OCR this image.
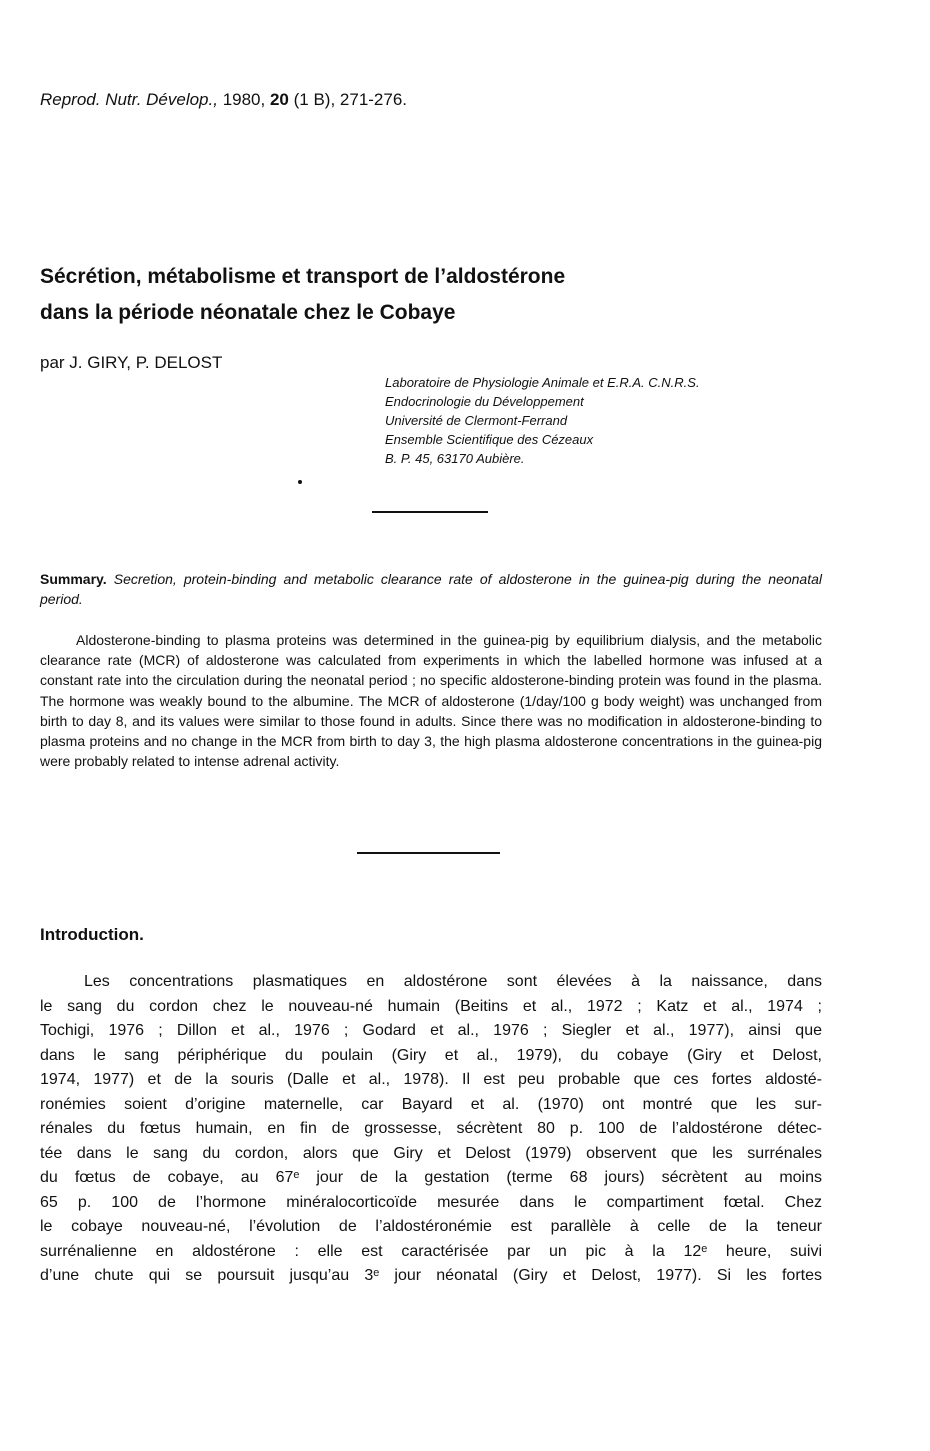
Reprod. Nutr. Dévelop., 1980, 20 (1 B), 271-276.
Sécrétion, métabolisme et transport de l’aldostérone
dans la période néonatale chez le Cobaye
par J. GIRY, P. DELOST
Laboratoire de Physiologie Animale et E.R.A. C.N.R.S.
Endocrinologie du Développement
Université de Clermont-Ferrand
Ensemble Scientifique des Cézeaux
B. P. 45, 63170 Aubière.
Summary. Secretion, protein-binding and metabolic clearance rate of aldosterone in the guinea-pig during the neonatal period.
Aldosterone-binding to plasma proteins was determined in the guinea-pig by equilibrium dialysis, and the metabolic clearance rate (MCR) of aldosterone was calculated from experiments in which the labelled hormone was infused at a constant rate into the circulation during the neonatal period ; no specific aldosterone-binding protein was found in the plasma. The hormone was weakly bound to the albumine. The MCR of aldosterone (1/day/100 g body weight) was unchanged from birth to day 8, and its values were similar to those found in adults. Since there was no modification in aldosterone-binding to plasma proteins and no change in the MCR from birth to day 3, the high plasma aldosterone concentrations in the guinea-pig were probably related to intense adrenal activity.
Introduction.
Les concentrations plasmatiques en aldostérone sont élevées à la naissance, dans
le sang du cordon chez le nouveau-né humain (Beitins et al., 1972 ; Katz et al., 1974 ;
Tochigi, 1976 ; Dillon et al., 1976 ; Godard et al., 1976 ; Siegler et al., 1977), ainsi que
dans le sang périphérique du poulain (Giry et al., 1979), du cobaye (Giry et Delost,
1974, 1977) et de la souris (Dalle et al., 1978). Il est peu probable que ces fortes aldosté-
ronémies soient d’origine maternelle, car Bayard et al. (1970) ont montré que les sur-
rénales du fœtus humain, en fin de grossesse, sécrètent 80 p. 100 de l’aldostérone détec-
tée dans le sang du cordon, alors que Giry et Delost (1979) observent que les surrénales
du fœtus de cobaye, au 67ᵉ jour de la gestation (terme 68 jours) sécrètent au moins
65 p. 100 de l’hormone minéralocorticoïde mesurée dans le compartiment fœtal. Chez
le cobaye nouveau-né, l’évolution de l’aldostéronémie est parallèle à celle de la teneur
surrénalienne en aldostérone : elle est caractérisée par un pic à la 12ᵉ heure, suivi
d’une chute qui se poursuit jusqu’au 3ᵉ jour néonatal (Giry et Delost, 1977). Si les fortes
